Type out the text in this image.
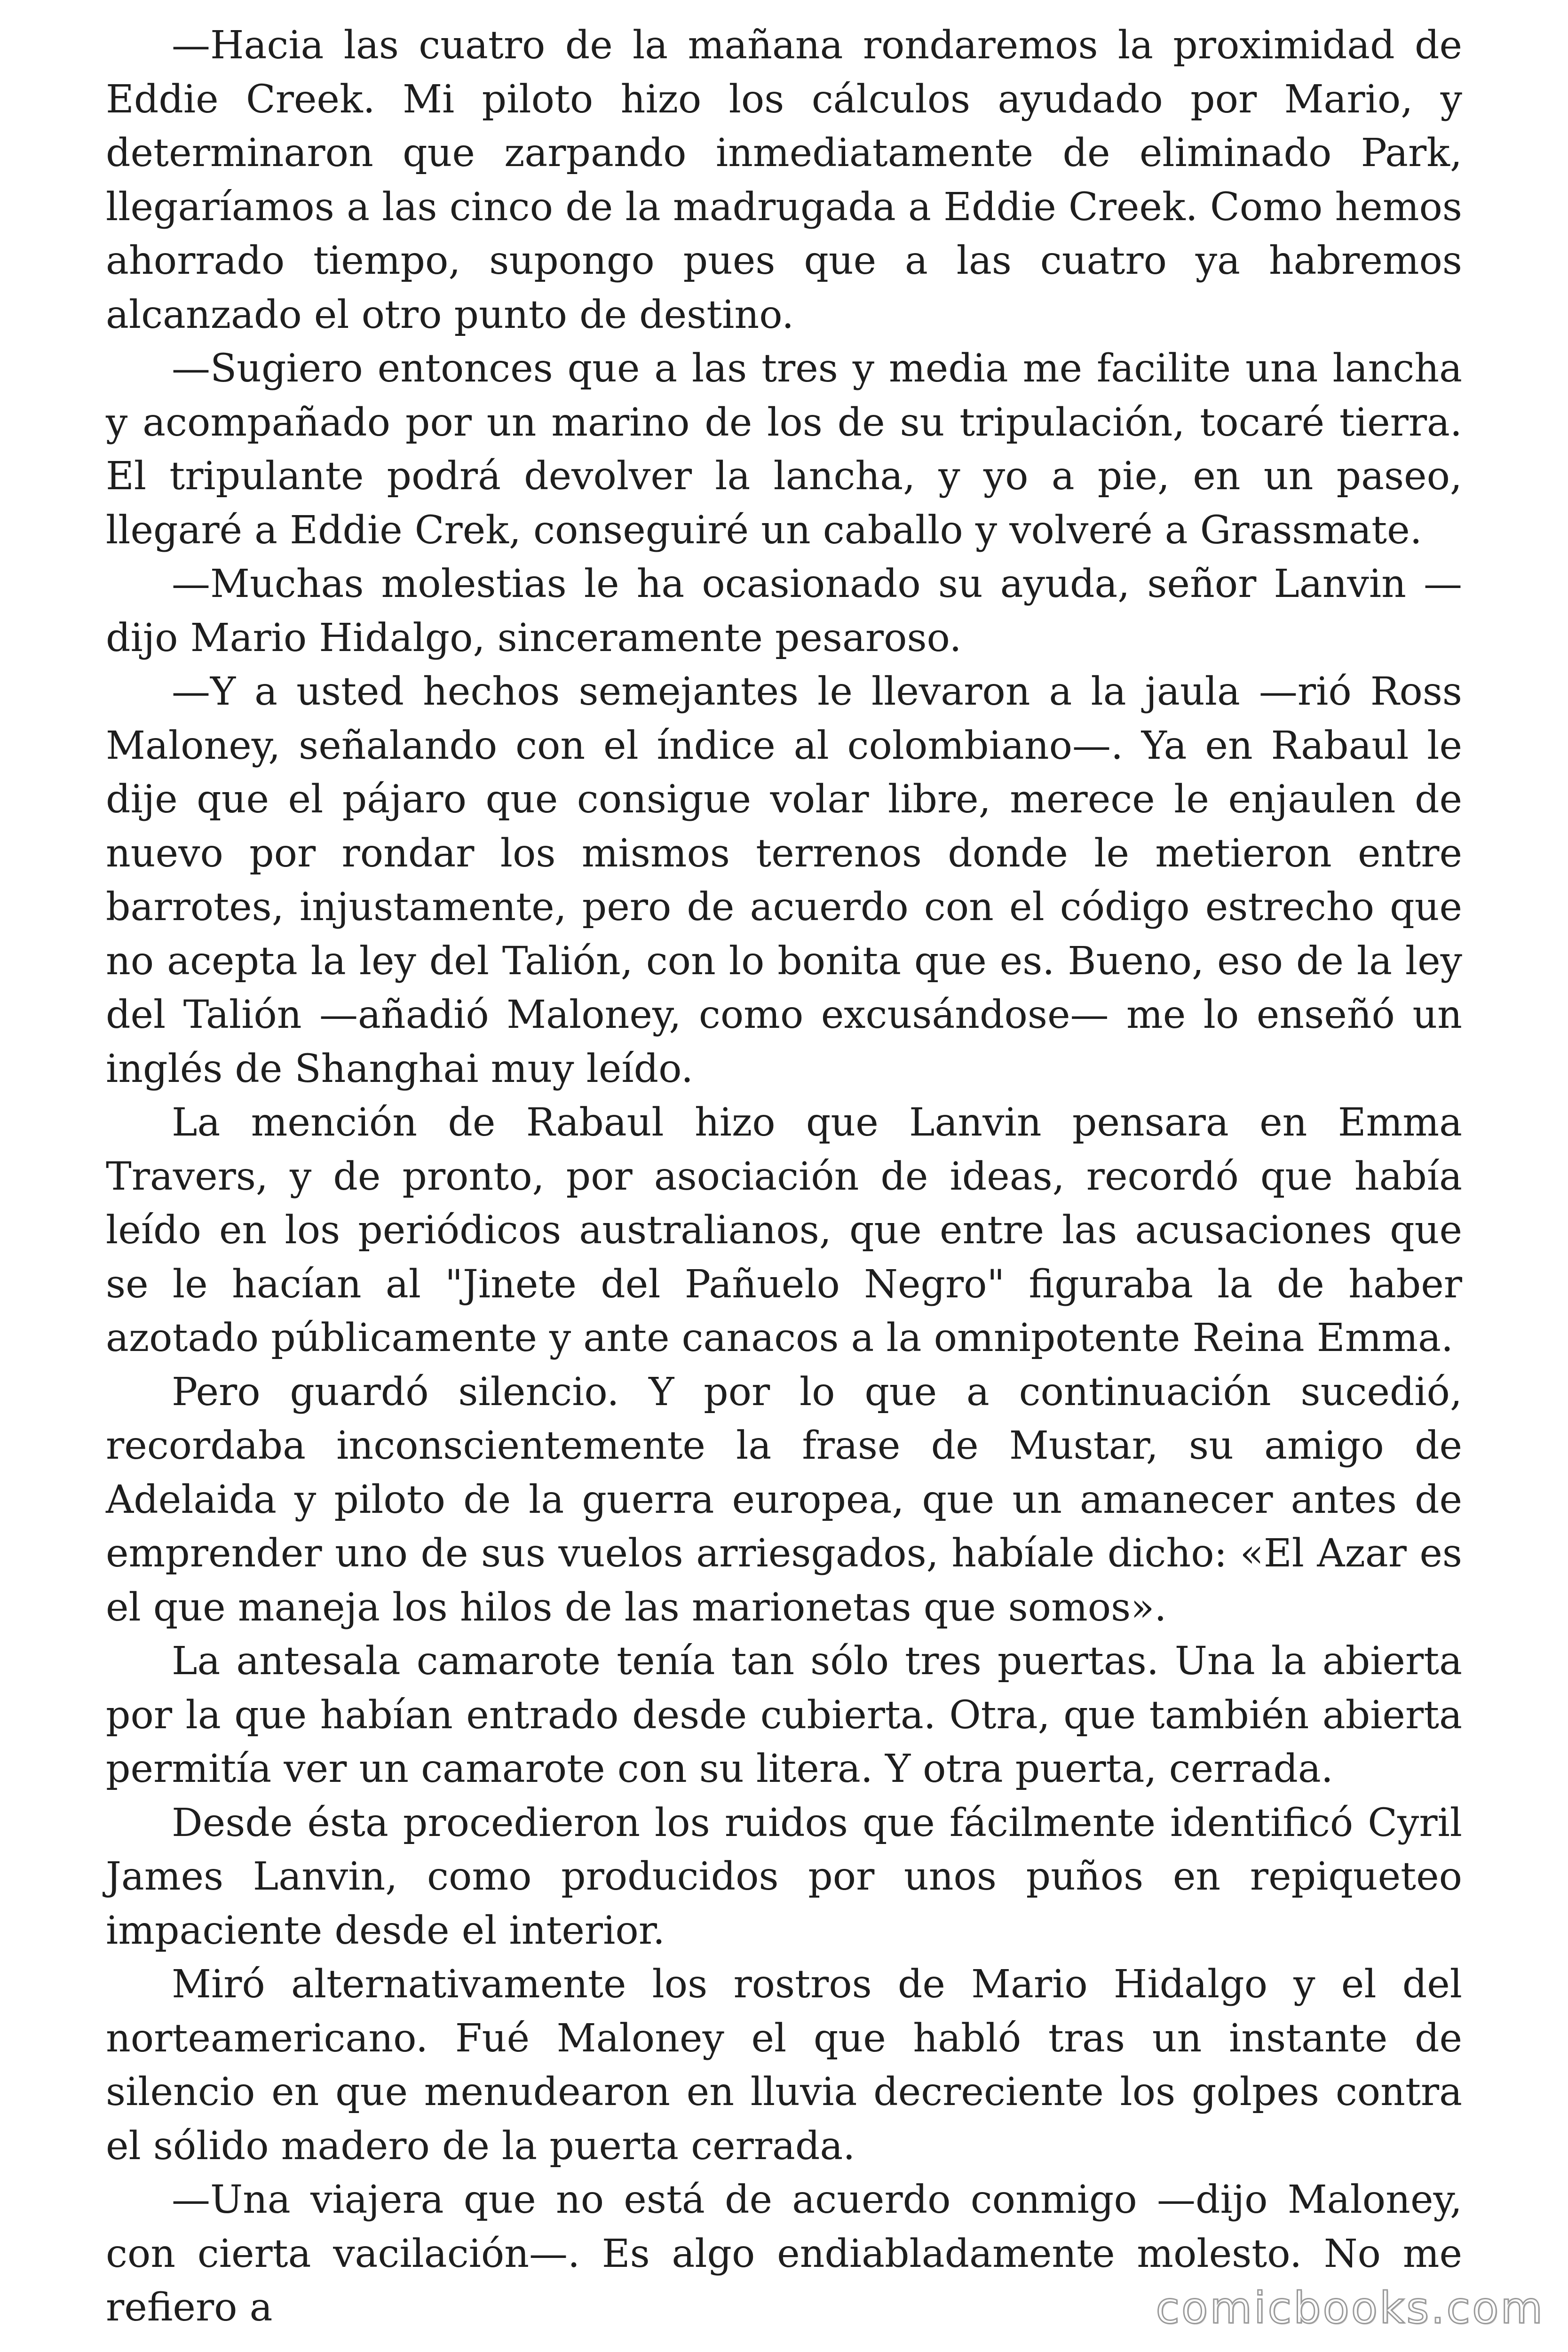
—Hacia las cuatro de la mañana rondaremos la proximidad de Eddie Creek. Mi piloto hizo los cálculos ayudado por Mario, y determinaron que zarpando inmediatamente de eliminado Park, llegaríamos a las cinco de la madrugada a Eddie Creek. Como hemos ahorrado tiempo, supongo pues que a las cuatro ya habremos alcanzado el otro punto de destino.

—Sugiero entonces que a las tres y media me facilite una lancha y acompañado por un marino de los de su tripulación, tocaré tierra. El tripulante podrá devolver la lancha, y yo a pie, en un paseo, llegaré a Eddie Crek, conseguiré un caballo y volveré a Grassmate.

—Muchas molestias le ha ocasionado su ayuda, señor Lanvin — dijo Mario Hidalgo, sinceramente pesaroso.

—Y a usted hechos semejantes le llevaron a la jaula —rió Ross Maloney, señalando con el índice al colombiano—. Ya en Rabaul le dije que el pájaro que consigue volar libre, merece le enjaulen de nuevo por rondar los mismos terrenos donde le metieron entre barrotes, injustamente, pero de acuerdo con el código estrecho que no acepta la ley del Talión, con lo bonita que es. Bueno, eso de la ley del Talión —añadió Maloney, como excusándose— me lo enseñó un inglés de Shanghai muy leído.

La mención de Rabaul hizo que Lanvin pensara en Emma Travers, y de pronto, por asociación de ideas, recordó que había leído en los periódicos australianos, que entre las acusaciones que se le hacían al "Jinete del Pañuelo Negro" figuraba la de haber azotado públicamente y ante canacos a la omnipotente Reina Emma.

Pero guardó silencio. Y por lo que a continuación sucedió, recordaba inconscientemente la frase de Mustar, su amigo de Adelaida y piloto de la guerra europea, que un amanecer antes de emprender uno de sus vuelos arriesgados, habíale dicho: «El Azar es el que maneja los hilos de las marionetas que somos».

La antesala camarote tenía tan sólo tres puertas. Una la abierta por la que habían entrado desde cubierta. Otra, que también abierta permitía ver un camarote con su litera. Y otra puerta, cerrada.

Desde ésta procedieron los ruidos que fácilmente identificó Cyril James Lanvin, como producidos por unos puños en repiqueteo impaciente desde el interior.

Miró alternativamente los rostros de Mario Hidalgo y el del norteamericano. Fué Maloney el que habló tras un instante de silencio en que menudearon en lluvia decreciente los golpes contra el sólido madero de la puerta cerrada.

—Una viajera que no está de acuerdo conmigo —dijo Maloney, con cierta vacilación—. Es algo endiabladamente molesto. No me refiero a	comicbooks.com
